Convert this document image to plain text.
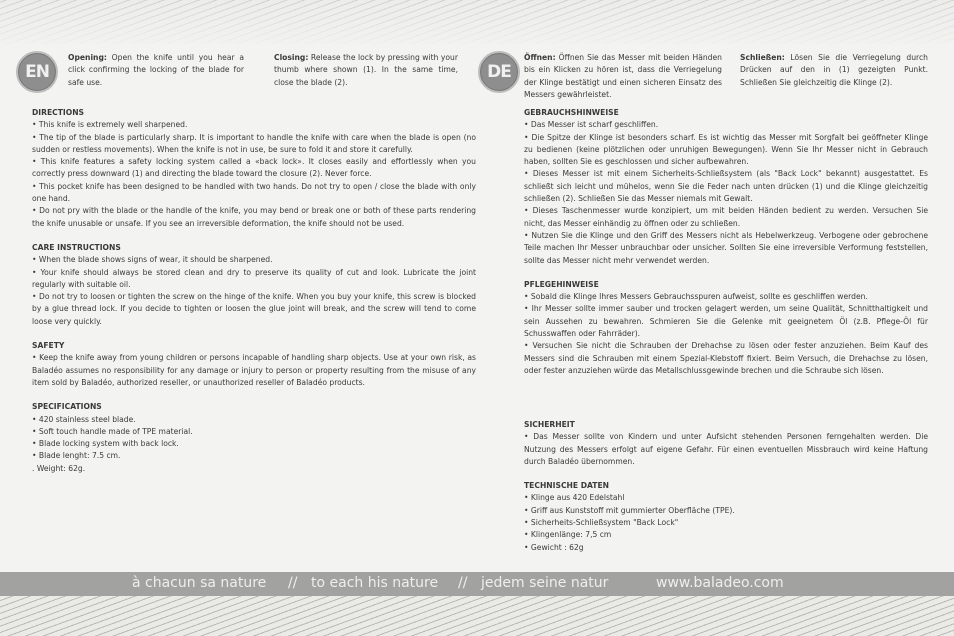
EN

Opening: Open the knife until you hear a click confirming the locking of the blade for safe use.

Closing: Release the lock by pressing with your thumb where shown (1). In the same time, close the blade (2).

DIRECTIONS

• This knife is extremely well sharpened.

• The tip of the blade is particularly sharp. It is important to handle the knife with care when the blade is open (no sudden or restless movements). When the knife is not in use, be sure to fold it and store it carefully.

• This knife features a safety locking system called a «back lock». It closes easily and effortlessly when you correctly press downward (1) and directing the blade toward the closure (2). Never force.

• This pocket knife has been designed to be handled with two hands. Do not try to open / close the blade with only one hand.

• Do not pry with the blade or the handle of the knife, you may bend or break one or both of these parts rendering the knife unusable or unsafe. If you see an irreversible deformation, the knife should not be used.

CARE INSTRUCTIONS

• When the blade shows signs of wear, it should be sharpened.

• Your knife should always be stored clean and dry to preserve its quality of cut and look. Lubricate the joint regularly with suitable oil.

• Do not try to loosen or tighten the screw on the hinge of the knife. When you buy your knife, this screw is blocked by a glue thread lock. If you decide to tighten or loosen the glue joint will break, and the screw will tend to come loose very quickly.

SAFETY

• Keep the knife away from young children or persons incapable of handling sharp objects. Use at your own risk, as Baladéo assumes no responsibility for any damage or injury to person or property resulting from the misuse of any item sold by Baladéo, authorized reseller, or unauthorized reseller of Baladéo products.

SPECIFICATIONS

• 420 stainless steel blade.

• Soft touch handle made of TPE material.

• Blade locking system with back lock.

• Blade lenght: 7.5 cm.

. Weight: 62g.

DE

Öffnen: Öffnen Sie das Messer mit beiden Händen bis ein Klicken zu hören ist, dass die Verriegelung der Klinge bestätigt und einen sicheren Einsatz des Messers gewährleistet.

Schließen: Lösen Sie die Verriegelung durch Drücken auf den in (1) gezeigten Punkt. Schließen Sie gleichzeitig die Klinge (2).

GEBRAUCHSHINWEISE

• Das Messer ist scharf geschliffen.

• Die Spitze der Klinge ist besonders scharf. Es ist wichtig das Messer mit Sorgfalt bei geöffneter Klinge zu bedienen (keine plötzlichen oder unruhigen Bewegungen). Wenn Sie Ihr Messer nicht in Gebrauch haben, sollten Sie es geschlossen und sicher aufbewahren.

• Dieses Messer ist mit einem Sicherheits-Schließsystem (als "Back Lock" bekannt) ausgestattet. Es schließt sich leicht und mühelos, wenn Sie die Feder nach unten drücken (1) und die Klinge gleichzeitig schließen (2). Schließen Sie das Messer niemals mit Gewalt.

• Dieses Taschenmesser wurde konzipiert, um mit beiden Händen bedient zu werden. Versuchen Sie nicht, das Messer einhändig zu öffnen oder zu schließen.

• Nutzen Sie die Klinge und den Griff des Messers nicht als Hebelwerkzeug. Verbogene oder gebrochene Teile machen Ihr Messer unbrauchbar oder unsicher. Sollten Sie eine irreversible Verformung feststellen, sollte das Messer nicht mehr verwendet werden.

PFLEGEHINWEISE

• Sobald die Klinge Ihres Messers Gebrauchsspuren aufweist, sollte es geschliffen werden.

• Ihr Messer sollte immer sauber und trocken gelagert werden, um seine Qualität, Schnitthaltigkeit und sein Aussehen zu bewahren. Schmieren Sie die Gelenke mit geeignetem Öl (z.B. Pflege-Öl für Schusswaffen oder Fahrräder).

• Versuchen Sie nicht die Schrauben der Drehachse zu lösen oder fester anzuziehen. Beim Kauf des Messers sind die Schrauben mit einem Spezial-Klebstoff fixiert. Beim Versuch, die Drehachse zu lösen, oder fester anzuziehen würde das Metallschlussgewinde brechen und die Schraube sich lösen.

SICHERHEIT

• Das Messer sollte von Kindern und unter Aufsicht stehenden Personen ferngehalten werden. Die Nutzung des Messers erfolgt auf eigene Gefahr. Für einen eventuellen Missbrauch wird keine Haftung durch Baladéo übernommen.

TECHNISCHE DATEN

• Klinge aus 420 Edelstahl

• Griff aus Kunststoff mit gummierter Oberfläche (TPE).

• Sicherheits-Schließsystem "Back Lock"

• Klingenlänge: 7,5 cm

• Gewicht : 62g

à chacun sa nature // to each his nature // jedem seine natur	www.baladeo.com
